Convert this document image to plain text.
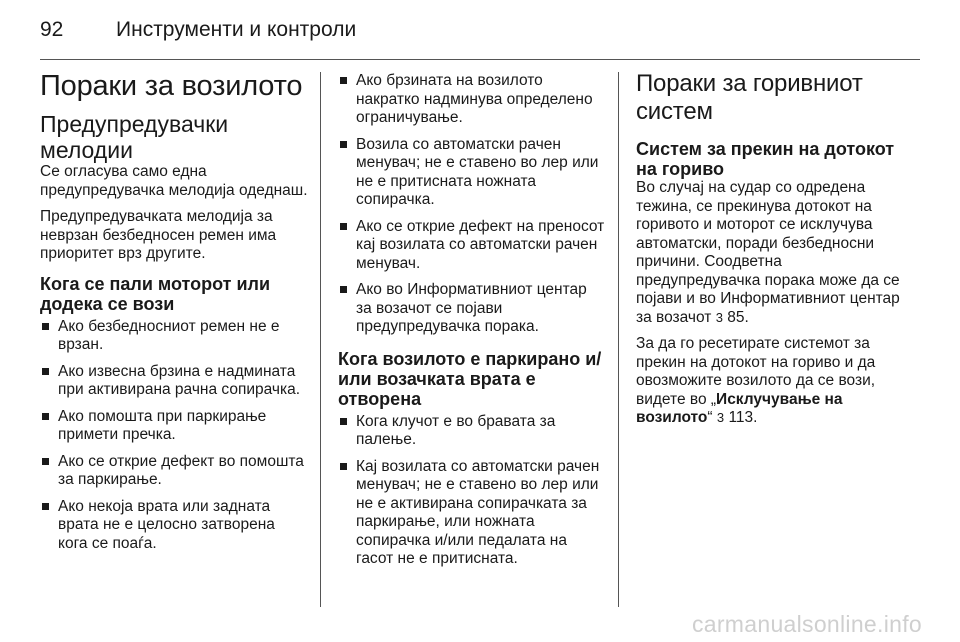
92	Инструменти и контроли
Пораки за возилото
Предупредувачки мелодии

Се огласува само една предупредувачка мелодија одеднаш.

Предупредувачката мелодија за неврзан безбедносен ремен има приоритет врз другите.

Кога се пали моторот или додека се вози
Ако безбедносниот ремен не е врзан.
Ако извесна брзина е надмината при активирана рачна сопирачка.
Ако помошта при паркирање примети пречка.
Ако се открие дефект во помошта за паркирање.
Ако некоја врата или задната врата не е целосно затворена кога се поаѓа.
Ако брзината на возилото накратко надминува определено ограничување.
Возила со автоматски рачен менувач; не е ставено во лер или не е притисната ножната сопирачка.
Ако се открие дефект на преносот кај возилата со автоматски рачен менувач.
Ако во Информативниот центар за возачот се појави предупредувачка порака.
Кога возилото е паркирано и/или возачката врата е отворена
Кога клучот е во бравата за палење.
Кај возилата со автоматски рачен менувач; не е ставено во лер или не е активирана сопирачката за паркирање, или ножната сопирачка и/или педалата на гасот не е притисната.
Пораки за горивниот систем
Систем за прекин на дотокот на гориво

Во случај на судар со одредена тежина, се прекинува дотокот на горивото и моторот се исклучува автоматски, поради безбедносни причини. Соодветна предупредувачка порака може да се појави и во Информативниот центар за возачот 3 85.

За да го ресетирате системот за прекин на дотокот на гориво и да овозможите возилото да се вози, видете во „Исклучување на возилото“ 3 113.

carmanualsonline.info
